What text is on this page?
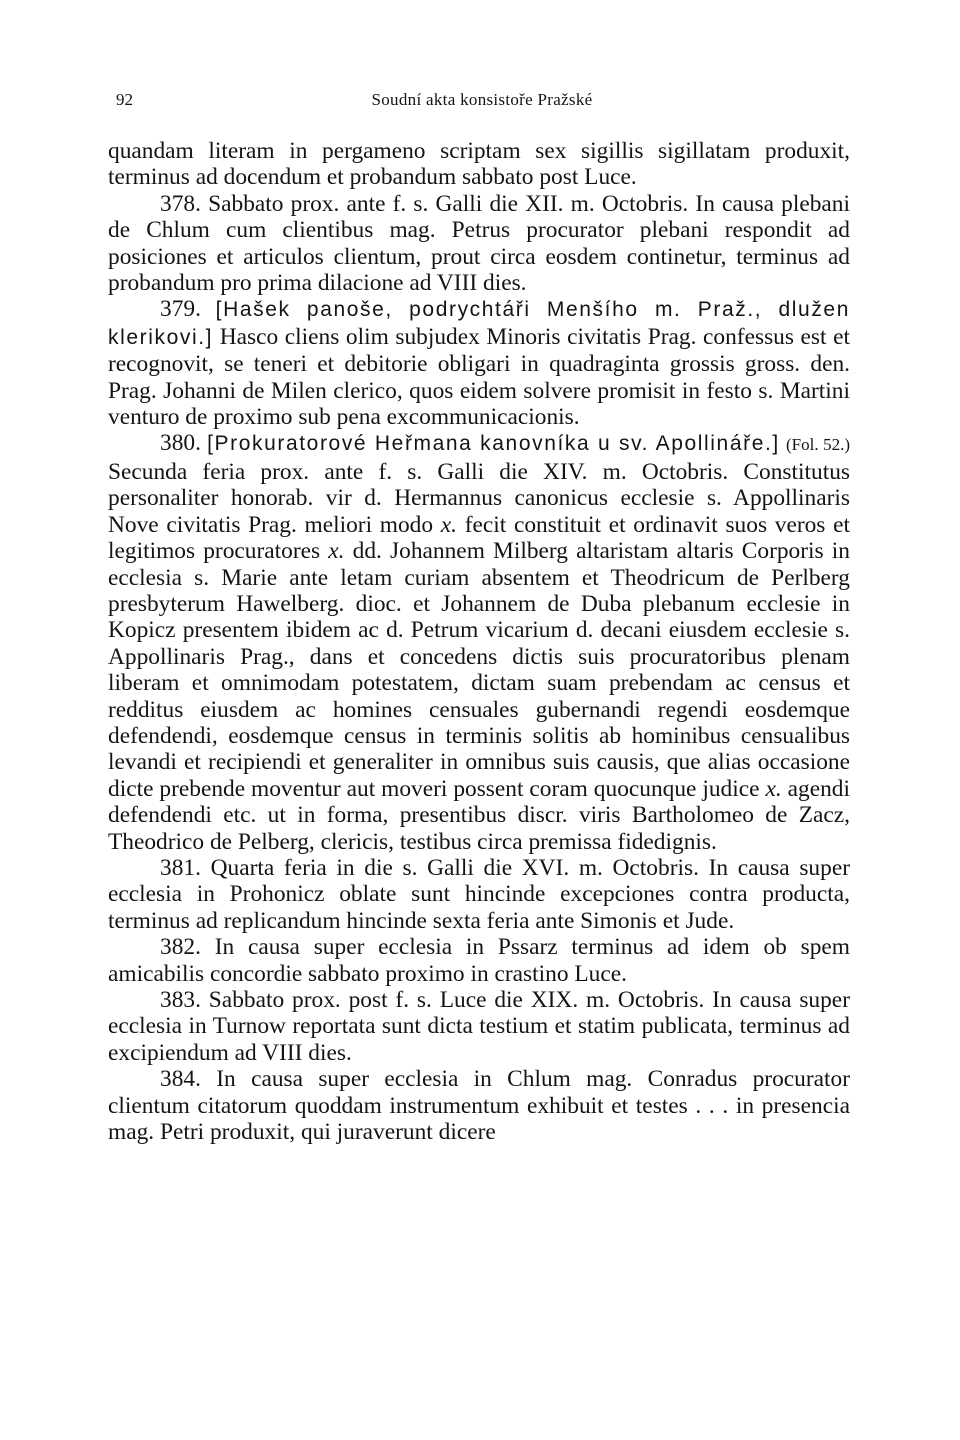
92	Soudní akta konsistoře Pražské

quandam literam in pergameno scriptam sex sigillis sigillatam produxit, terminus ad docendum et probandum sabbato post Luce.

378. Sabbato prox. ante f. s. Galli die XII. m. Octobris. In causa plebani de Chlum cum clientibus mag. Petrus procurator plebani respondit ad posiciones et articulos clientum, prout circa eosdem continetur, terminus ad probandum pro prima dilacione ad VIII dies.

379. [Hašek panoše, podrychtáři Menšího m. Praž., dlužen klerikovi.] Hasco cliens olim subjudex Minoris civitatis Prag. confessus est et recognovit, se teneri et debitorie obligari in quadraginta grossis gross. den. Prag. Johanni de Milen clerico, quos eidem solvere promisit in festo s. Martini venturo de proximo sub pena excommunicacionis.

380. [Prokuratorové Heřmana kanovníka u sv. Apollináře.] (Fol. 52.) Secunda feria prox. ante f. s. Galli die XIV. m. Octobris. Constitutus personaliter honorab. vir d. Hermannus canonicus ecclesie s. Appollinaris Nove civitatis Prag. meliori modo x. fecit constituit et ordinavit suos veros et legitimos procuratores x. dd. Johannem Milberg altaristam altaris Corporis in ecclesia s. Marie ante letam curiam absentem et Theodricum de Perlberg presbyterum Hawelberg. dioc. et Johannem de Duba plebanum ecclesie in Kopicz presentem ibidem ac d. Petrum vicarium d. decani eiusdem ecclesie s. Appollinaris Prag., dans et concedens dictis suis procuratoribus plenam liberam et omnimodam potestatem, dictam suam prebendam ac census et redditus eiusdem ac homines censuales gubernandi regendi eosdemque defendendi, eosdemque census in terminis solitis ab hominibus censualibus levandi et recipiendi et generaliter in omnibus suis causis, que alias occasione dicte prebende moventur aut moveri possent coram quocunque judice x. agendi defendendi etc. ut in forma, presentibus discr. viris Bartholomeo de Zacz, Theodrico de Pelberg, clericis, testibus circa premissa fidedignis.

381. Quarta feria in die s. Galli die XVI. m. Octobris. In causa super ecclesia in Prohonicz oblate sunt hincinde excepciones contra producta, terminus ad replicandum hincinde sexta feria ante Simonis et Jude.

382. In causa super ecclesia in Pssarz terminus ad idem ob spem amicabilis concordie sabbato proximo in crastino Luce.

383. Sabbato prox. post f. s. Luce die XIX. m. Octobris. In causa super ecclesia in Turnow reportata sunt dicta testium et statim publicata, terminus ad excipiendum ad VIII dies.

384. In causa super ecclesia in Chlum mag. Conradus procurator clientum citatorum quoddam instrumentum exhibuit et testes . . . in presencia mag. Petri produxit, qui juraverunt dicere
